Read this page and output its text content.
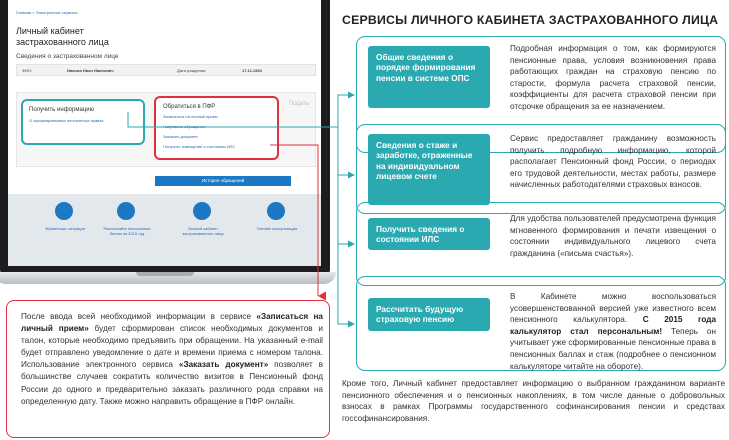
Главная > Электронные сервисы
Личный кабинет застрахованного лица
Сведения о застрахованном лице
ФИО:	Иванов Иван Иванович	Дата рождения:	17.11.1983
Получить информацию
О сформированных пенсионных правах
Обратиться в ПФР
Записаться на личный прием
Направить обращение
Заказать документ
Получить извещение о состоянии ИЛС
Подать
История обращений
Жизненные ситуации	Рассчитайте пенсионные баллы за 2015 год
Личный кабинет застрахованного лица
Онлайн консультация

После ввода всей необходимой информации в сервисе «Записаться на личный прием» будет сформирован список необходимых документов и талон, которые необходимо предъявить при обращении. На указанный e-mail будет отправлено уведомление о дате и времени приема с номером талона. Использование электронного сервиса «Заказать документ» позволяет в большинстве случаев сократить количество визитов в Пенсионный фонд России до одного и предварительно заказать различного рода справки на определенную дату. Также можно направить обращение в ПФР онлайн.

СЕРВИСЫ ЛИЧНОГО КАБИНЕТА ЗАСТРАХОВАННОГО ЛИЦА
Общие сведения о порядке формирования пенсии в системе ОПС
Подробная информация о том, как формируются пенсионные права, условия возникновения права работающих граждан на страховую пенсию по старости, формула расчета страховой пенсии, коэффициенты для расчета страховой пенсии при отсрочке обращения за ее назначением.
Сведения о стаже и заработке, отраженные на индивидуальном лицевом счете
Сервис предоставляет гражданину возможность получить подробную информацию, которой располагает Пенсионный фонд России, о периодах его трудовой деятельности, местах работы, размере начисленных работодателями страховых взносов.
Получить сведения о состоянии ИЛС
Для удобства пользователей предусмотрена функция мгновенного формирования и печати извещения о состоянии индивидуального лицевого счета гражданина («письма счастья»).
Рассчитать будущую страховую пенсию
В Кабинете можно воспользоваться усовершенствованной версией уже известного всем пенсионного калькулятора. С 2015 года калькулятор стал персональным! Теперь он учитывает уже сформированные пенсионные права в пенсионных баллах и стаж (подробнее о пенсионном калькуляторе читайте на обороте).
Кроме того, Личный кабинет предоставляет информацию о выбранном гражданином варианте пенсионного обеспечения и о пенсионных накоплениях, в том числе данные о добровольных взносах в рамках Программы государственного софинансирования пенсии и средствах госсофинансирования.
